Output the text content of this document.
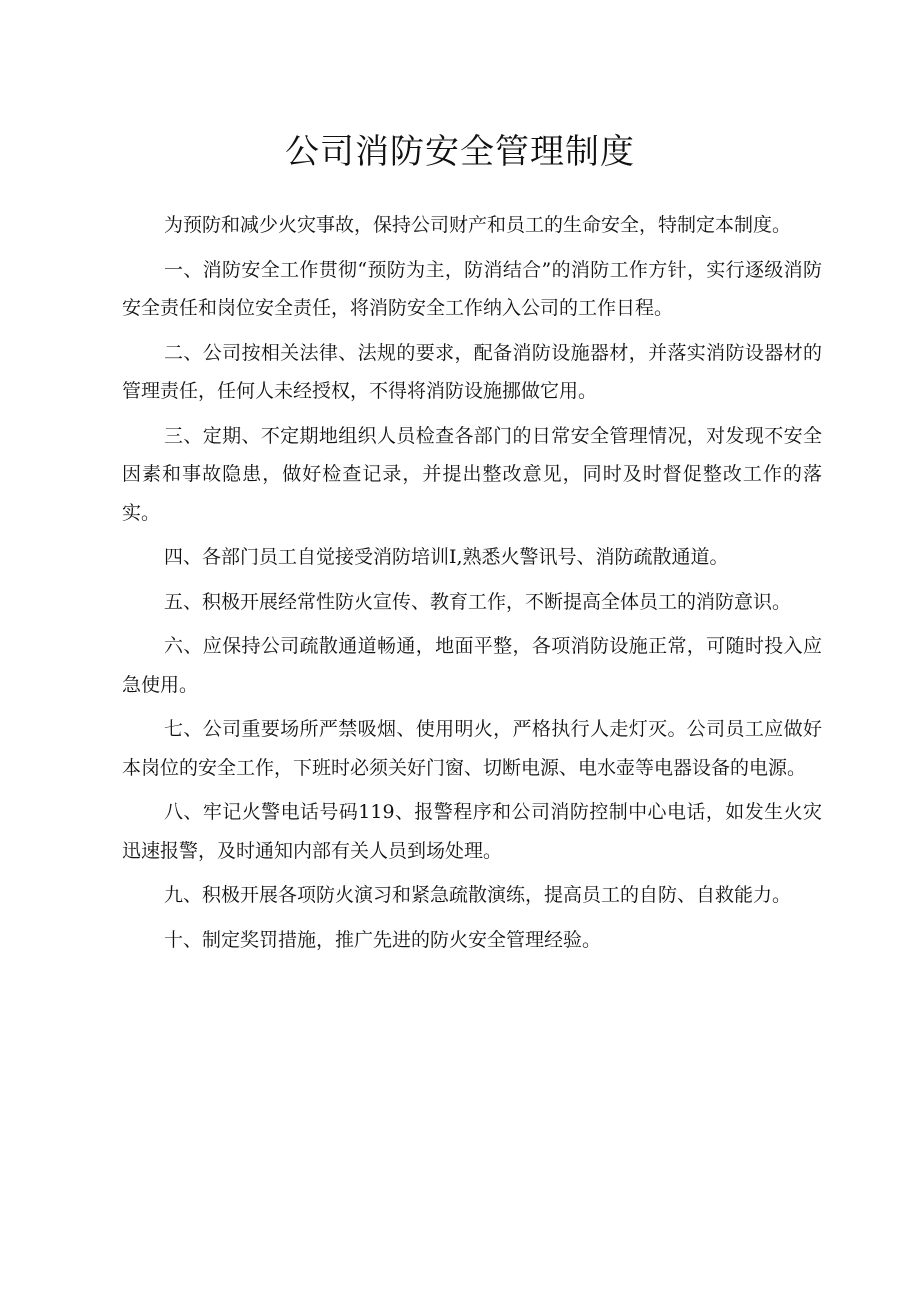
公司消防安全管理制度

为预防和减少火灾事故，保持公司财产和员工的生命安全，特制定本制度。

一、消防安全工作贯彻“预防为主，防消结合”的消防工作方针，实行逐级消防安全责任和岗位安全责任，将消防安全工作纳入公司的工作日程。

二、公司按相关法律、法规的要求，配备消防设施器材，并落实消防设器材的管理责任，任何人未经授权，不得将消防设施挪做它用。

三、定期、不定期地组织人员检查各部门的日常安全管理情况，对发现不安全因素和事故隐患，做好检查记录，并提出整改意见，同时及时督促整改工作的落实。

四、各部门员工自觉接受消防培训I,熟悉火警讯号、消防疏散通道。

五、积极开展经常性防火宣传、教育工作，不断提高全体员工的消防意识。

六、应保持公司疏散通道畅通，地面平整，各项消防设施正常，可随时投入应急使用。

七、公司重要场所严禁吸烟、使用明火，严格执行人走灯灭。公司员工应做好本岗位的安全工作，下班时必须关好门窗、切断电源、电水壶等电器设备的电源。

八、牢记火警电话号码119、报警程序和公司消防控制中心电话，如发生火灾迅速报警，及时通知内部有关人员到场处理。

九、积极开展各项防火演习和紧急疏散演练，提高员工的自防、自救能力。

十、制定奖罚措施，推广先进的防火安全管理经验。
